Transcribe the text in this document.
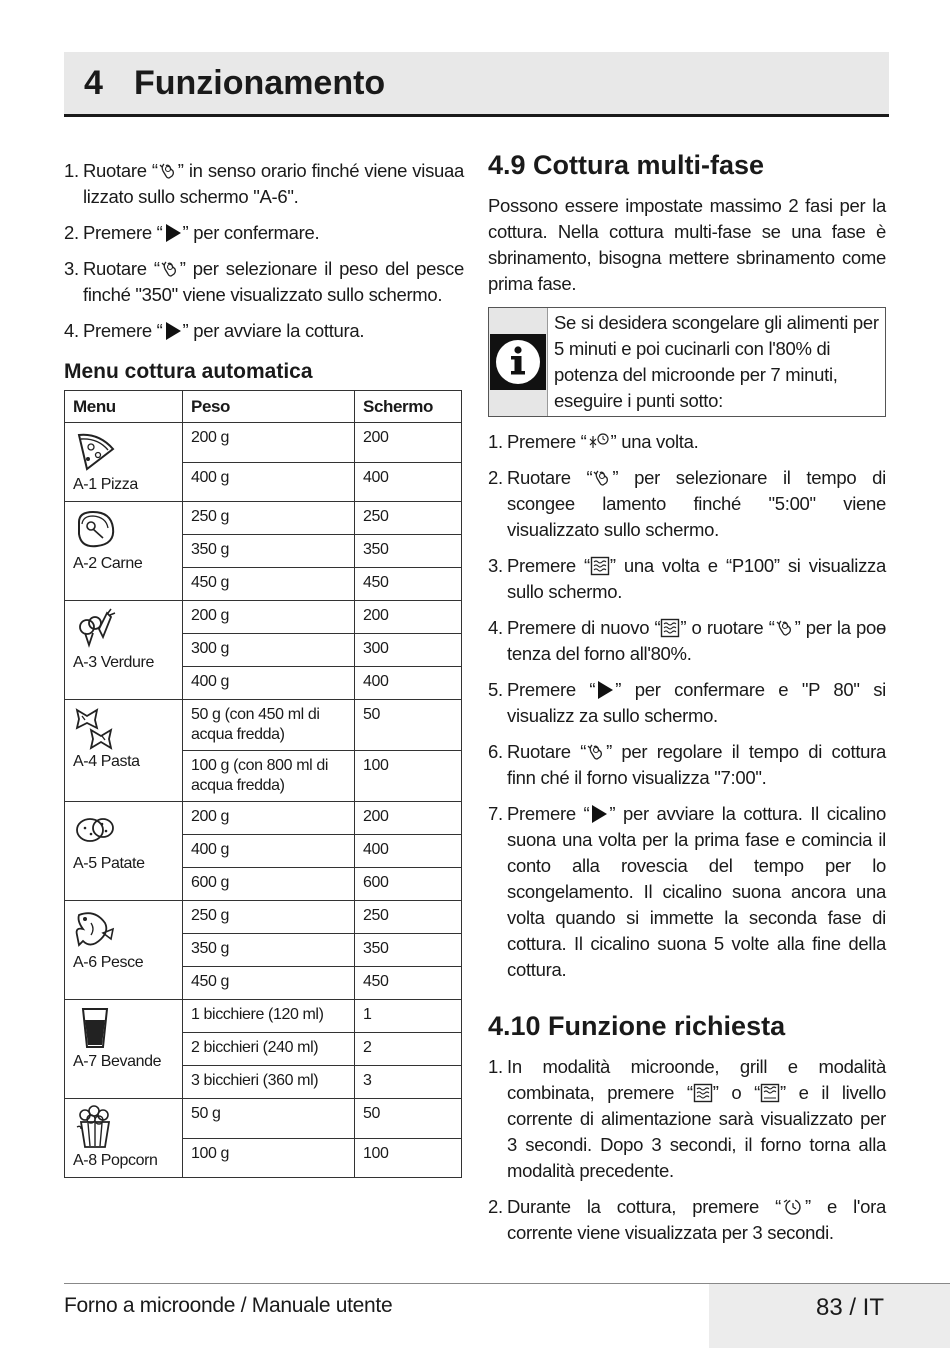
4 Funzionamento
1. Ruotare “ ” in senso orario finché viene visuaa lizzato sullo schermo "A-6".
2. Premere “ ” per confermare.
3. Ruotare “ ” per selezionare il peso del pesce finché "350" viene visualizzato sullo schermo.
4. Premere “ ” per avviare la cottura.
Menu cottura automatica
Menu	Peso	Schermo

A-1 Pizza	200 g	200
	400 g	400

A-2 Carne	250 g	250
	350 g	350
	450 g	450

A-3 Verdure	200 g	200
	300 g	300
	400 g	400

A-4 Pasta	50 g (con 450 ml di acqua fredda)	50
	100 g (con 800 ml di acqua fredda)	100

A-5 Patate	200 g	200
	400 g	400
	600 g	600

A-6 Pesce	250 g	250
	350 g	350
	450 g	450

A-7 Bevande	1 bicchiere (120 ml)	1
	2 bicchieri (240 ml)	2
	3 bicchieri (360 ml)	3

A-8 Popcorn	50 g	50
	100 g	100
4.9 Cottura multi-fase

Possono essere impostate massimo 2 fasi per la cottura. Nella cottura multi-fase se una fase è sbrinamento, bisogna mettere sbrinamento come prima fase.

Se si desidera scongelare gli alimenti per 5 minuti e poi cucinarli con l'80% di potenza del microonde per 7 minuti, eseguire i punti sotto:
1. Premere “ ” una volta.
2. Ruotare “ ” per selezionare il tempo di scongee lamento finché "5:00" viene visualizzato sullo schermo.
3. Premere “ ” una volta e “P100” si visualizza sullo schermo.
4. Premere di nuovo “ ” o ruotare “ ” per la poɵ tenza del forno all'80%.
5. Premere “ ” per confermare e "P 80" si visualizz za sullo schermo.
6. Ruotare “ ” per regolare il tempo di cottura finn ché il forno visualizza "7:00".
7. Premere “ ” per avviare la cottura. Il cicalino suona una volta per la prima fase e comincia il conto alla rovescia del tempo per lo scongelamento. Il cicalino suona ancora una volta quando si immette la seconda fase di cottura. Il cicalino suona 5 volte alla fine della cottura.
4.10 Funzione richiesta
1. In modalità microonde, grill e modalità combinata, premere “ ” o “ ” e il livello corrente di alimentazione sarà visualizzato per 3 secondi. Dopo 3 secondi, il forno torna alla modalità precedente.
2. Durante la cottura, premere “ ” e l'ora corrente viene visualizzata per 3 secondi.
Forno a microonde / Manuale utente	83 / IT
